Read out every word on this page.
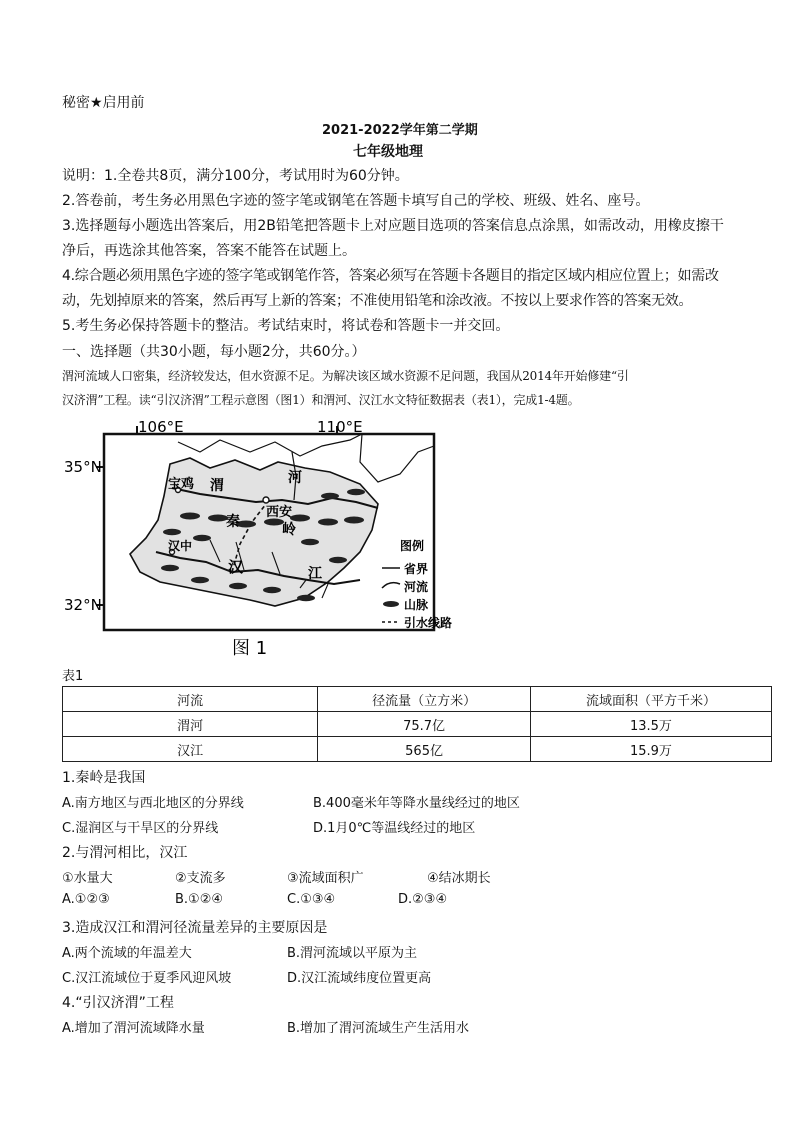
秘密★启用前
2021-2022学年第二学期
七年级地理
说明：1.全卷共8页，满分100分，考试用时为60分钟。
2.答卷前，考生务必用黑色字迹的签字笔或钢笔在答题卡填写自己的学校、班级、姓名、座号。
3.选择题每小题选出答案后，用2B铅笔把答题卡上对应题目选项的答案信息点涂黑，如需改动，用橡皮擦干
净后，再选涂其他答案，答案不能答在试题上。
4.综合题必须用黑色字迹的签字笔或钢笔作答，答案必须写在答题卡各题目的指定区域内相应位置上；如需改
动，先划掉原来的答案，然后再写上新的答案；不准使用铅笔和涂改液。不按以上要求作答的答案无效。
5.考生务必保持答题卡的整洁。考试结束时，将试卷和答题卡一并交回。
一、选择题（共30小题，每小题2分，共60分。）
渭河流域人口密集，经济较发达，但水资源不足。为解决该区域水资源不足问题，我国从2014年开始修建“引
汉济渭”工程。读“引汉济渭”工程示意图（图1）和渭河、汉江水文特征数据表（表1），完成1-4题。
106°E	110°E
35°N
32°N
宝鸡 渭	河
西安
秦	岭
汉中
汉	江
图例
省界
河流
山脉
引水线路
图 1
表1
河流	径流量（立方米）	流域面积（平方千米）
渭河	75.7亿	13.5万
汉江	565亿	15.9万
1.秦岭是我国
A.南方地区与西北地区的分界线	B.400毫米年等降水量线经过的地区
C.湿润区与干旱区的分界线	D.1月0℃等温线经过的地区
2.与渭河相比，汉江
①水量大	②支流多	③流域面积广	④结冰期长
A.①②③	B.①②④	C.①③④	D.②③④
3.造成汉江和渭河径流量差异的主要原因是
A.两个流域的年温差大	B.渭河流域以平原为主
C.汉江流域位于夏季风迎风坡	D.汉江流域纬度位置更高
4.“引汉济渭”工程
A.增加了渭河流域降水量	B.增加了渭河流域生产生活用水
